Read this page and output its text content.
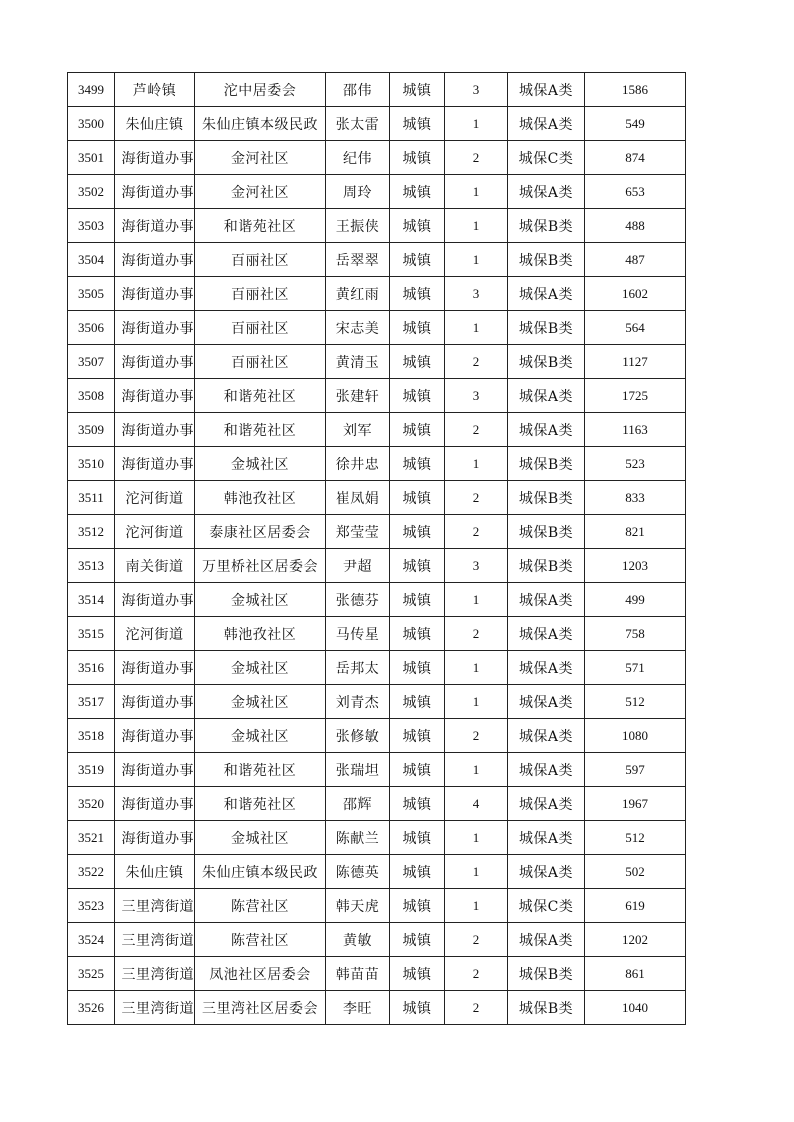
3499	芦岭镇	沱中居委会	邵伟	城镇	3	城保A类	1586
3500	朱仙庄镇	朱仙庄镇本级民政	张太雷	城镇	1	城保A类	549
3501	海街道办事	金河社区	纪伟	城镇	2	城保C类	874
3502	海街道办事	金河社区	周玲	城镇	1	城保A类	653
3503	海街道办事	和谐苑社区	王振侠	城镇	1	城保B类	488
3504	海街道办事	百丽社区	岳翠翠	城镇	1	城保B类	487
3505	海街道办事	百丽社区	黄红雨	城镇	3	城保A类	1602
3506	海街道办事	百丽社区	宋志美	城镇	1	城保B类	564
3507	海街道办事	百丽社区	黄清玉	城镇	2	城保B类	1127
3508	海街道办事	和谐苑社区	张建轩	城镇	3	城保A类	1725
3509	海街道办事	和谐苑社区	刘军	城镇	2	城保A类	1163
3510	海街道办事	金城社区	徐井忠	城镇	1	城保B类	523
3511	沱河街道	韩池孜社区	崔凤娟	城镇	2	城保B类	833
3512	沱河街道	泰康社区居委会	郑莹莹	城镇	2	城保B类	821
3513	南关街道	万里桥社区居委会	尹超	城镇	3	城保B类	1203
3514	海街道办事	金城社区	张德芬	城镇	1	城保A类	499
3515	沱河街道	韩池孜社区	马传星	城镇	2	城保A类	758
3516	海街道办事	金城社区	岳邦太	城镇	1	城保A类	571
3517	海街道办事	金城社区	刘青杰	城镇	1	城保A类	512
3518	海街道办事	金城社区	张修敏	城镇	2	城保A类	1080
3519	海街道办事	和谐苑社区	张瑞坦	城镇	1	城保A类	597
3520	海街道办事	和谐苑社区	邵辉	城镇	4	城保A类	1967
3521	海街道办事	金城社区	陈献兰	城镇	1	城保A类	512
3522	朱仙庄镇	朱仙庄镇本级民政	陈德英	城镇	1	城保A类	502
3523	三里湾街道	陈营社区	韩天虎	城镇	1	城保C类	619
3524	三里湾街道	陈营社区	黄敏	城镇	2	城保A类	1202
3525	三里湾街道	凤池社区居委会	韩苗苗	城镇	2	城保B类	861
3526	三里湾街道	三里湾社区居委会	李旺	城镇	2	城保B类	1040
